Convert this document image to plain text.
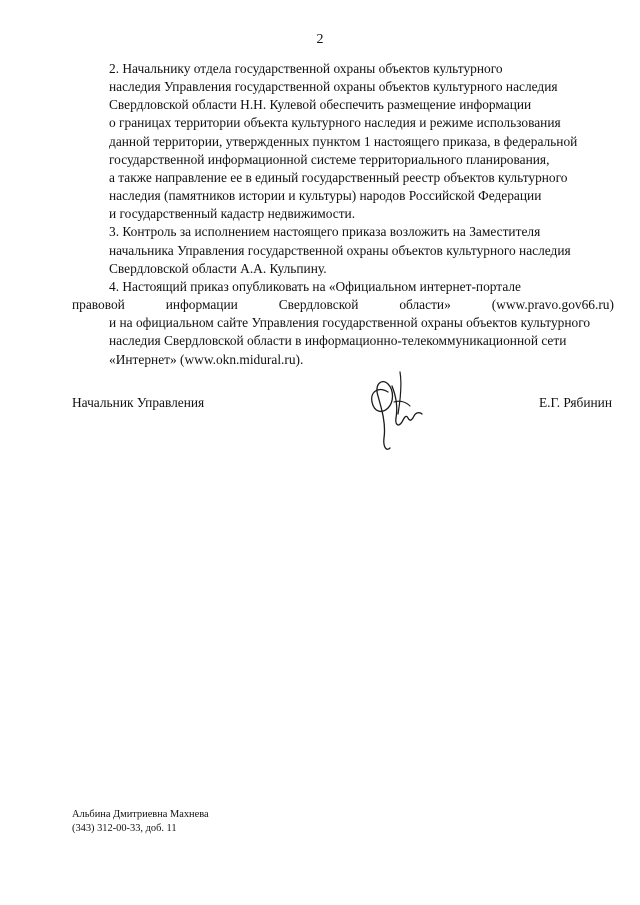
2

2. Начальнику отдела государственной охраны объектов культурного
наследия Управления государственной охраны объектов культурного наследия
Свердловской области Н.Н. Кулевой обеспечить размещение информации
о границах территории объекта культурного наследия и режиме использования
данной территории, утвержденных пунктом 1 настоящего приказа, в федеральной
государственной информационной системе территориального планирования,
а также направление ее в единый государственный реестр объектов культурного
наследия (памятников истории и культуры) народов Российской Федерации
и государственный кадастр недвижимости.

3. Контроль за исполнением настоящего приказа возложить на Заместителя
начальника Управления государственной охраны объектов культурного наследия
Свердловской области А.А. Кульпину.

4. Настоящий приказ опубликовать на «Официальном интернет-портале
правовой	информации	Свердловской	области»	(www.pravo.gov66.ru)
и на официальном сайте Управления государственной охраны объектов культурного
наследия Свердловской области в информационно-телекоммуникационной сети
«Интернет» (www.okn.midural.ru).

Начальник Управления	Е.Г. Рябинин
Альбина Дмитриевна Махнева
(343) 312-00-33, доб. 11
